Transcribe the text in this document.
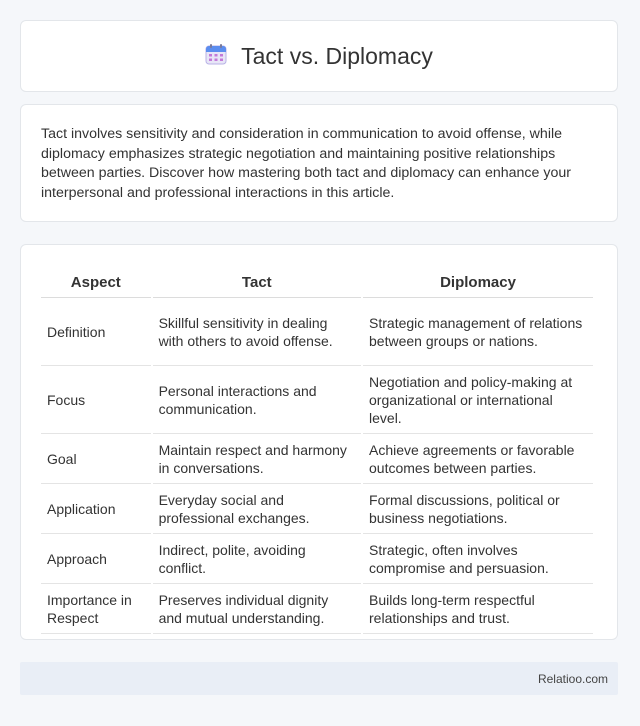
Tact vs. Diplomacy

Tact involves sensitivity and consideration in communication to avoid offense, while diplomacy emphasizes strategic negotiation and maintaining positive relationships between parties. Discover how mastering both tact and diplomacy can enhance your interpersonal and professional interactions in this article.

Aspect	Tact	Diplomacy
Definition	Skillful sensitivity in dealing with others to avoid offense.	Strategic management of relations between groups or nations.
Focus	Personal interactions and communication.	Negotiation and policy-making at organizational or international level.
Goal	Maintain respect and harmony in conversations.	Achieve agreements or favorable outcomes between parties.
Application	Everyday social and professional exchanges.	Formal discussions, political or business negotiations.
Approach	Indirect, polite, avoiding conflict.	Strategic, often involves compromise and persuasion.
Importance in Respect	Preserves individual dignity and mutual understanding.	Builds long-term respectful relationships and trust.
Relatioo.com
